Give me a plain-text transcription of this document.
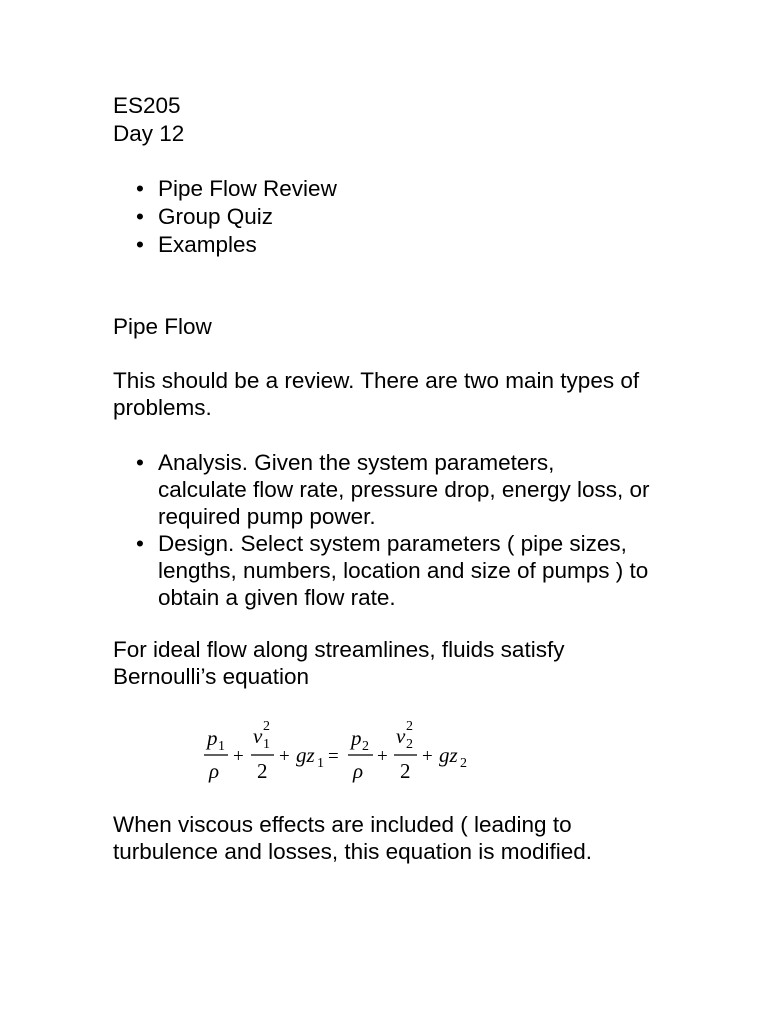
ES205
Day 12
• Pipe Flow Review
• Group Quiz
• Examples
Pipe Flow
This should be a review. There are two main types of
problems.
• Analysis. Given the system parameters,
calculate flow rate, pressure drop, energy loss, or
required pump power.
• Design. Select system parameters ( pipe sizes,
lengths, numbers, location and size of pumps ) to
obtain a given flow rate.
For ideal flow along streamlines, fluids satisfy
Bernoulli’s equation
p 1
ρ
+
v 2
1
2
+ gz 1 =
p 2
ρ
+
v 2
2
2
+ gz 2
When viscous effects are included ( leading to
turbulence and losses, this equation is modified.
